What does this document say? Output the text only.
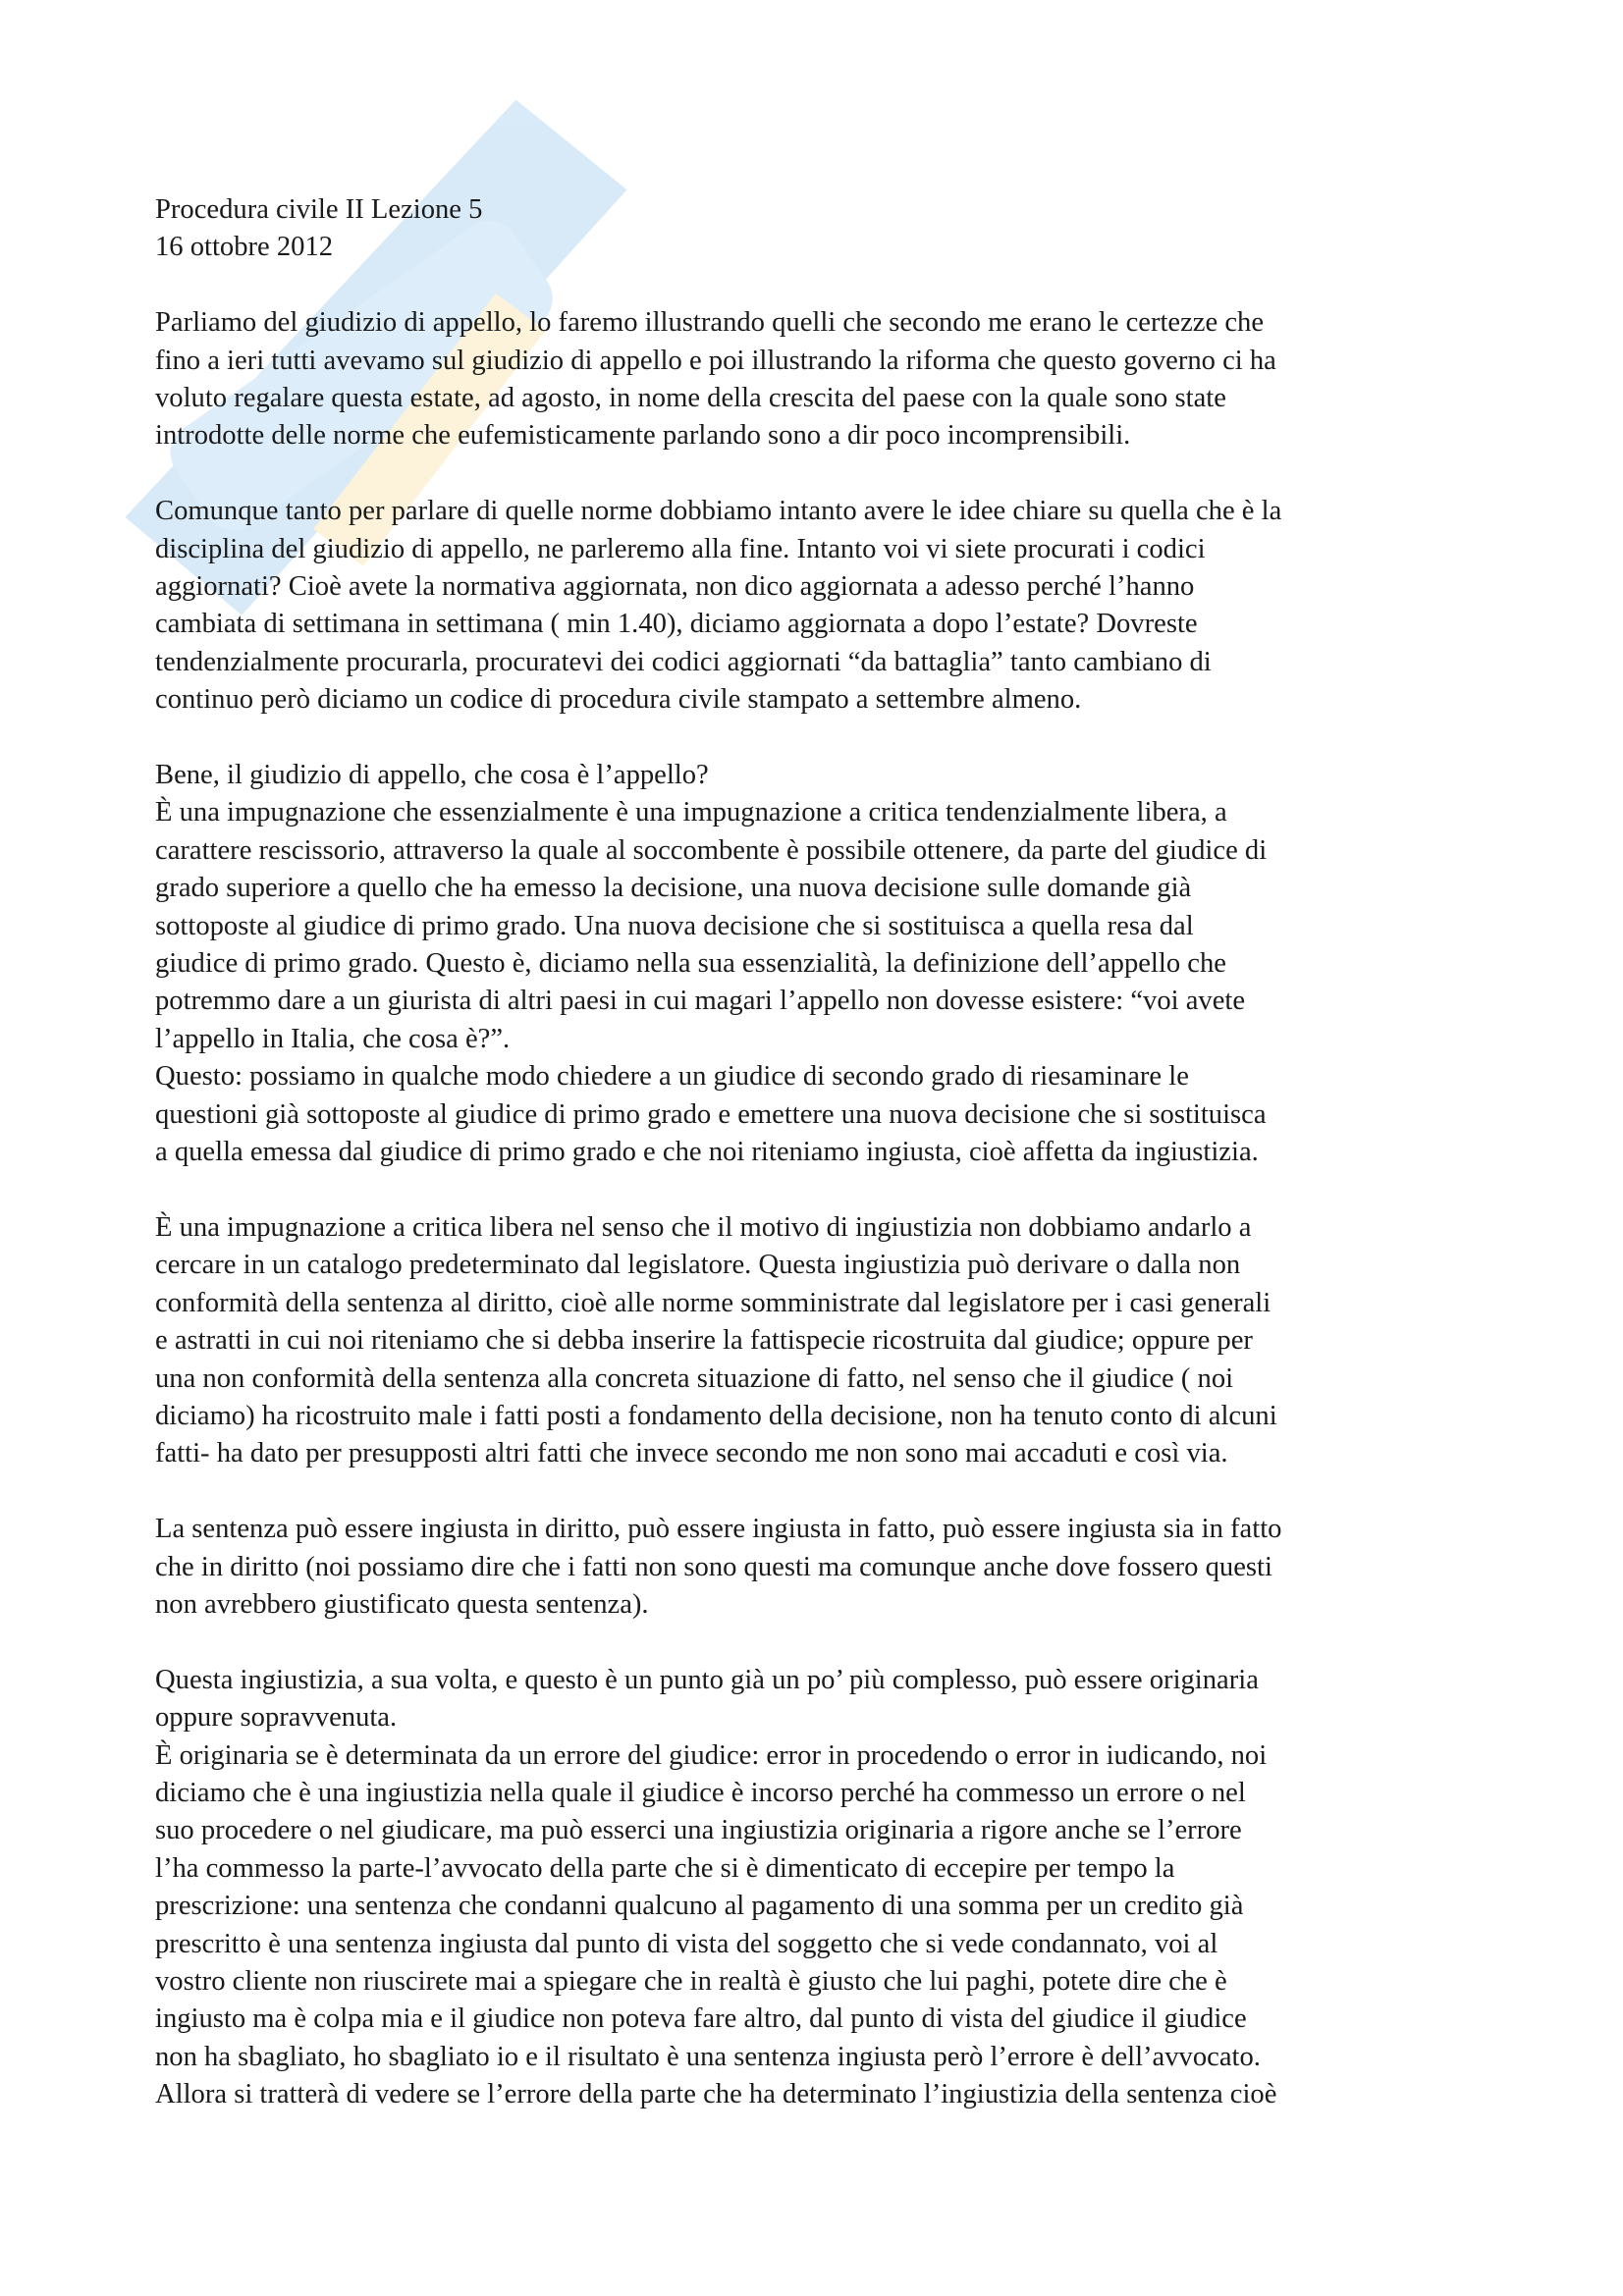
Procedura civile II Lezione 5

16 ottobre 2012

Parliamo del giudizio di appello, lo faremo illustrando quelli che secondo me erano le certezze che
fino a ieri tutti avevamo sul giudizio di appello e poi illustrando la riforma che questo governo ci ha
voluto regalare questa estate, ad agosto, in nome della crescita del paese con la quale sono state
introdotte delle norme che eufemisticamente parlando sono a dir poco incomprensibili.

Comunque tanto per parlare di quelle norme dobbiamo intanto avere le idee chiare su quella che è la
disciplina del giudizio di appello, ne parleremo alla fine. Intanto voi vi siete procurati i codici
aggiornati? Cioè avete la normativa aggiornata, non dico aggiornata a adesso perché l’hanno
cambiata di settimana in settimana ( min 1.40), diciamo aggiornata a dopo l’estate? Dovreste
tendenzialmente procurarla, procuratevi dei codici aggiornati “da battaglia” tanto cambiano di
continuo però diciamo un codice di procedura civile stampato a settembre almeno.

Bene, il giudizio di appello, che cosa è l’appello?

È una impugnazione che essenzialmente è una impugnazione a critica tendenzialmente libera, a
carattere rescissorio, attraverso la quale al soccombente è possibile ottenere, da parte del giudice di
grado superiore a quello che ha emesso la decisione, una nuova decisione sulle domande già
sottoposte al giudice di primo grado. Una nuova decisione che si sostituisca a quella resa dal
giudice di primo grado. Questo è, diciamo nella sua essenzialità, la definizione dell’appello che
potremmo dare a un giurista di altri paesi in cui magari l’appello non dovesse esistere: “voi avete
l’appello in Italia, che cosa è?”.

Questo: possiamo in qualche modo chiedere a un giudice di secondo grado di riesaminare le
questioni già sottoposte al giudice di primo grado e emettere una nuova decisione che si sostituisca
a quella emessa dal giudice di primo grado e che noi riteniamo ingiusta, cioè affetta da ingiustizia.

È una impugnazione a critica libera nel senso che il motivo di ingiustizia non dobbiamo andarlo a
cercare in un catalogo predeterminato dal legislatore. Questa ingiustizia può derivare o dalla non
conformità della sentenza al diritto, cioè alle norme somministrate dal legislatore per i casi generali
e astratti in cui noi riteniamo che si debba inserire la fattispecie ricostruita dal giudice; oppure per
una non conformità della sentenza alla concreta situazione di fatto, nel senso che il giudice ( noi
diciamo) ha ricostruito male i fatti posti a fondamento della decisione, non ha tenuto conto di alcuni
fatti- ha dato per presupposti altri fatti che invece secondo me non sono mai accaduti e così via.

La sentenza può essere ingiusta in diritto, può essere ingiusta in fatto, può essere ingiusta sia in fatto
che in diritto (noi possiamo dire che i fatti non sono questi ma comunque anche dove fossero questi
non avrebbero giustificato questa sentenza).

Questa ingiustizia, a sua volta, e questo è un punto già un po’ più complesso, può essere originaria
oppure sopravvenuta.

È originaria se è determinata da un errore del giudice: error in procedendo o error in iudicando, noi
diciamo che è una ingiustizia nella quale il giudice è incorso perché ha commesso un errore o nel
suo procedere o nel giudicare, ma può esserci una ingiustizia originaria a rigore anche se l’errore
l’ha commesso la parte-l’avvocato della parte che si è dimenticato di eccepire per tempo la
prescrizione: una sentenza che condanni qualcuno al pagamento di una somma per un credito già
prescritto è una sentenza ingiusta dal punto di vista del soggetto che si vede condannato, voi al
vostro cliente non riuscirete mai a spiegare che in realtà è giusto che lui paghi, potete dire che è
ingiusto ma è colpa mia e il giudice non poteva fare altro, dal punto di vista del giudice il giudice
non ha sbagliato, ho sbagliato io e il risultato è una sentenza ingiusta però l’errore è dell’avvocato.
Allora si tratterà di vedere se l’errore della parte che ha determinato l’ingiustizia della sentenza cioè
